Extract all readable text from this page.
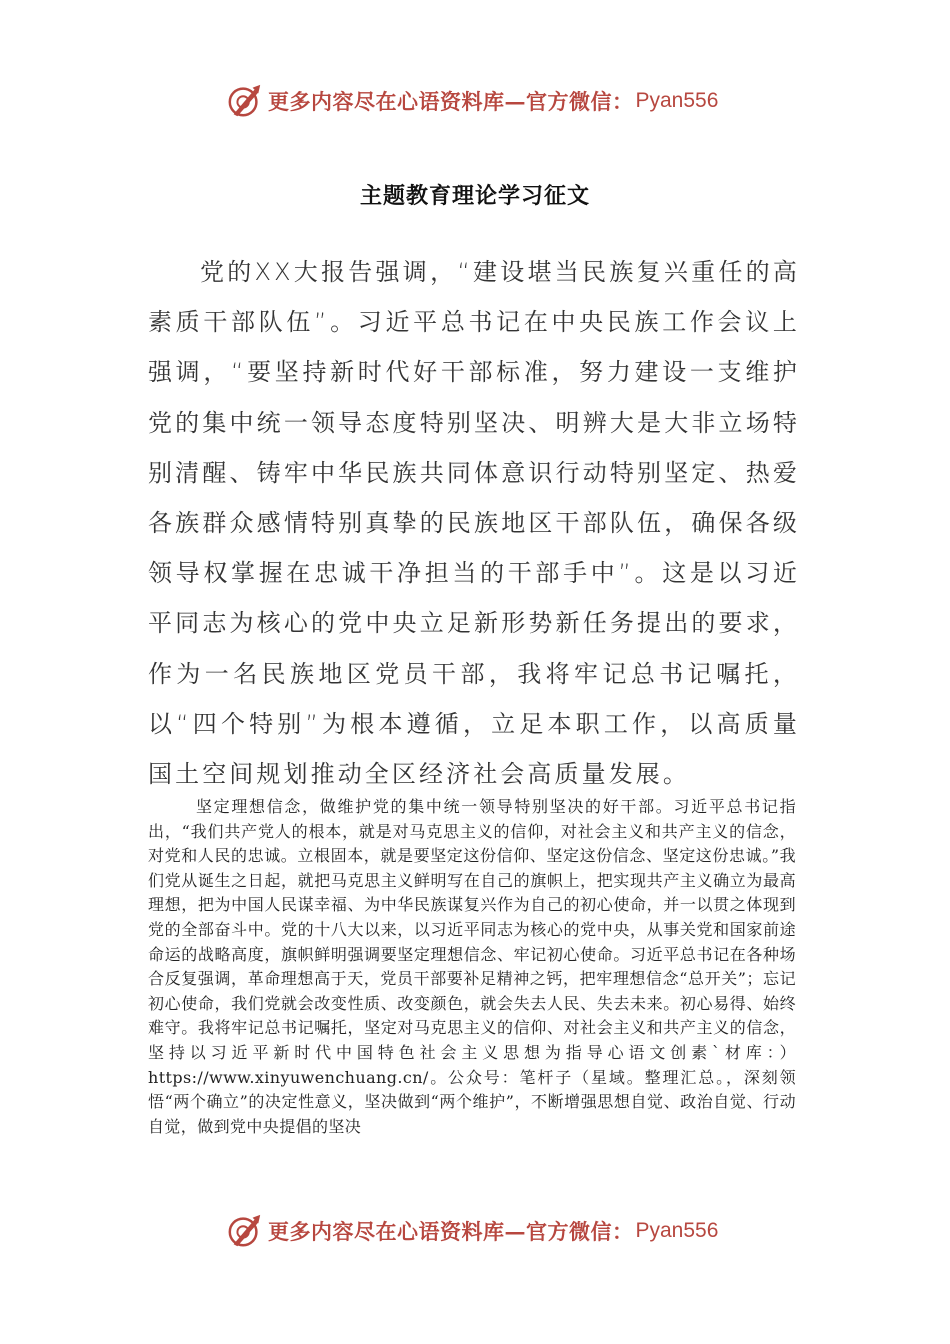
更多内容尽在心语资料库—官方微信： Pyan556
主题教育理论学习征文
党的XX大报告强调，“建设堪当民族复兴重任的高素质干部队伍”。习近平总书记在中央民族工作会议上强调，“要坚持新时代好干部标准，努力建设一支维护党的集中统一领导态度特别坚决、明辨大是大非立场特别清醒、铸牢中华民族共同体意识行动特别坚定、热爱各族群众感情特别真挚的民族地区干部队伍，确保各级领导权掌握在忠诚干净担当的干部手中”。这是以习近平同志为核心的党中央立足新形势新任务提出的要求，作为一名民族地区党员干部，我将牢记总书记嘱托，以“四个特别”为根本遵循，立足本职工作，以高质量国土空间规划推动全区经济社会高质量发展。
坚定理想信念，做维护党的集中统一领导特别坚决的好干部。习近平总书记指出，“我们共产党人的根本，就是对马克思主义的信仰，对社会主义和共产主义的信念，对党和人民的忠诚。立根固本，就是要坚定这份信仰、坚定这份信念、坚定这份忠诚。”我们党从诞生之日起，就把马克思主义鲜明写在自己的旗帜上，把实现共产主义确立为最高理想，把为中国人民谋幸福、为中华民族谋复兴作为自己的初心使命，并一以贯之体现到党的全部奋斗中。党的十八大以来，以习近平同志为核心的党中央，从事关党和国家前途命运的战略高度，旗帜鲜明强调要坚定理想信念、牢记初心使命。习近平总书记在各种场合反复强调，革命理想高于天，党员干部要补足精神之钙，把牢理想信念“总开关”；忘记初心使命，我们党就会改变性质、改变颜色，就会失去人民、失去未来。初心易得、始终难守。我将牢记总书记嘱托，坚定对马克思主义的信仰、对社会主义和共产主义的信念，坚持以习近平新时代中国特色社会主义思想为指导心语文创素`材库：）https://www.xinyuwenchuang.cn/。公众号：笔杆子（星域。整理汇总。，深刻领悟“两个确立”的决定性意义，坚决做到“两个维护”，不断增强思想自觉、政治自觉、行动自觉，做到党中央提倡的坚决
更多内容尽在心语资料库—官方微信： Pyan556
